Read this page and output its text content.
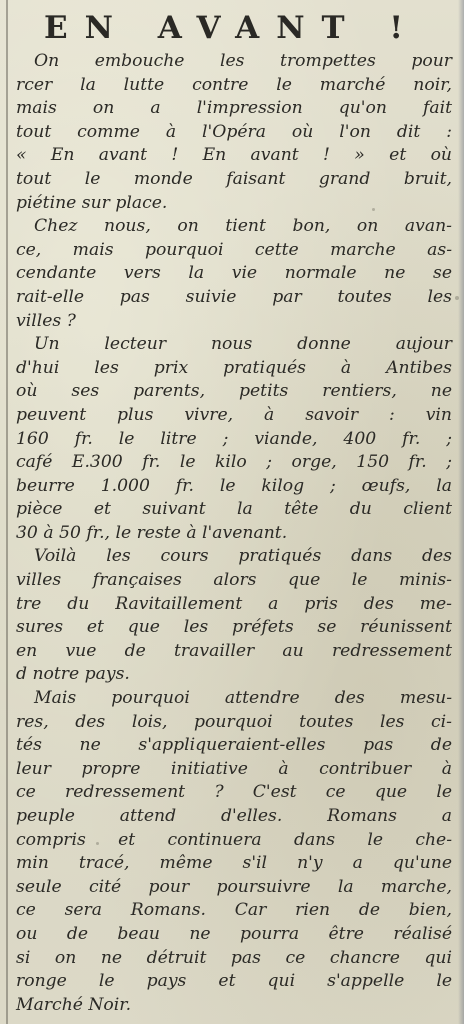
EN AVANT !

On embouche les trompettes pour
rcer la lutte contre le marché noir,
mais on a l'impression qu'on fait
tout comme à l'Opéra où l'on dit :
« En avant ! En avant ! » et où
tout le monde faisant grand bruit,
piétine sur place.

Chez nous, on tient bon, on avan-
ce, mais pourquoi cette marche as-
cendante vers la vie normale ne se
rait-elle pas suivie par toutes les
villes ?

Un lecteur nous donne aujour
d'hui les prix pratiqués à Antibes
où ses parents, petits rentiers, ne
peuvent plus vivre, à savoir : vin
160 fr. le litre ; viande, 400 fr. ;
café E.300 fr. le kilo ; orge, 150 fr. ;
beurre 1.000 fr. le kilog ; œufs, la
pièce et suivant la tête du client
30 à 50 fr., le reste à l'avenant.

Voilà les cours pratiqués dans des
villes françaises alors que le minis-
tre du Ravitaillement a pris des me-
sures et que les préfets se réunissent
en vue de travailler au redressement
d notre pays.

Mais pourquoi attendre des mesu-
res, des lois, pourquoi toutes les ci-
tés ne s'appliqueraient-elles pas de
leur propre initiative à contribuer à
ce redressement ? C'est ce que le
peuple attend d'elles. Romans a
compris et continuera dans le che-
min tracé, même s'il n'y a qu'une
seule cité pour poursuivre la marche,
ce sera Romans. Car rien de bien,
ou de beau ne pourra être réalisé
si on ne détruit pas ce chancre qui
ronge le pays et qui s'appelle le
Marché Noir.
